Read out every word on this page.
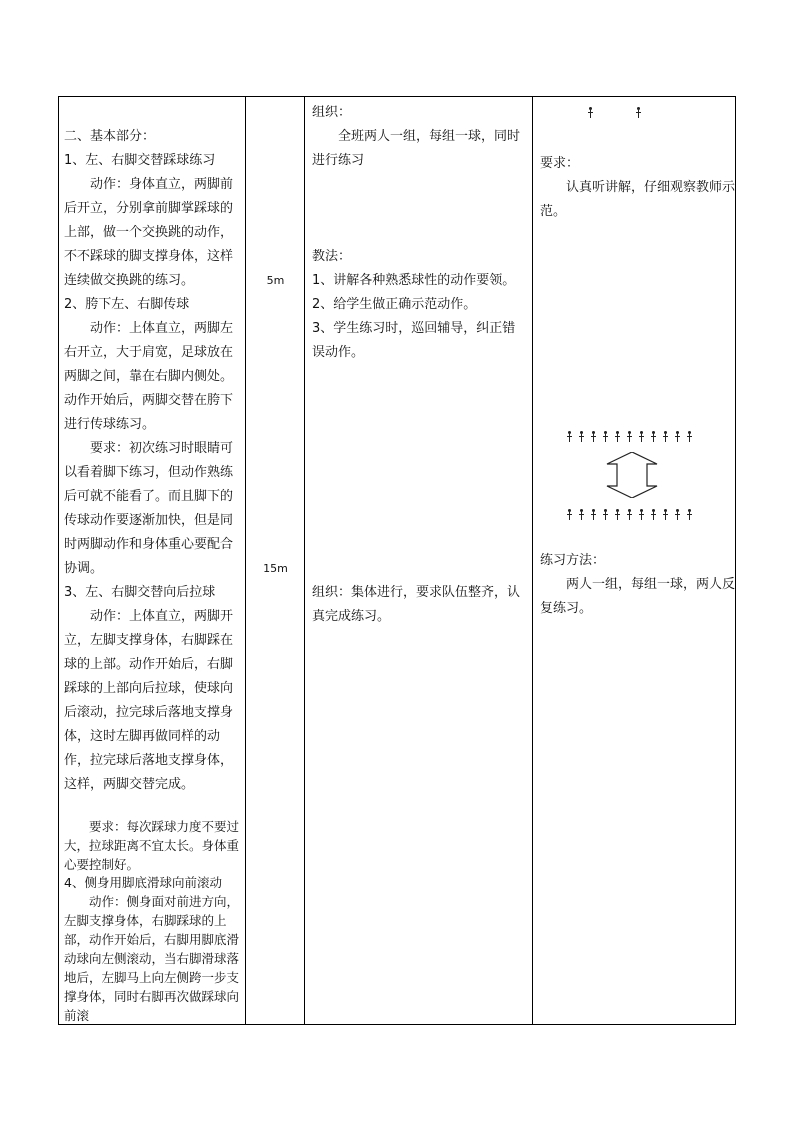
二、基本部分：
1、左、右脚交替踩球练习
动作：身体直立，两脚前后开立，分别拿前脚掌踩球的上部，做一个交换跳的动作，不不踩球的脚支撑身体，这样连续做交换跳的练习。
2、胯下左、右脚传球
动作：上体直立，两脚左右开立，大于肩宽，足球放在两脚之间，靠在右脚内侧处。动作开始后，两脚交替在胯下进行传球练习。
要求：初次练习时眼睛可以看着脚下练习，但动作熟练后可就不能看了。而且脚下的传球动作要逐渐加快，但是同时两脚动作和身体重心要配合协调。
3、左、右脚交替向后拉球
动作：上体直立，两脚开立，左脚支撑身体，右脚踩在球的上部。动作开始后，右脚踩球的上部向后拉球，使球向后滚动，拉完球后落地支撑身体，这时左脚再做同样的动作，拉完球后落地支撑身体，这样，两脚交替完成。
要求：每次踩球力度不要过大，拉球距离不宜太长。身体重心要控制好。
4、侧身用脚底滑球向前滚动
动作：侧身面对前进方向，左脚支撑身体，右脚踩球的上部，动作开始后，右脚用脚底滑动球向左侧滚动，当右脚滑球落地后，左脚马上向左侧跨一步支撑身体，同时右脚再次做踩球向前滚
5m
15m
组织：
全班两人一组，每组一球，同时进行练习
教法：
1、讲解各种熟悉球性的动作要领。
2、给学生做正确示范动作。
3、学生练习时，巡回辅导，纠正错误动作。
组织：集体进行，要求队伍整齐，认真完成练习。
要求：
认真听讲解，仔细观察教师示范。
练习方法：
两人一组，每组一球，两人反复练习。
